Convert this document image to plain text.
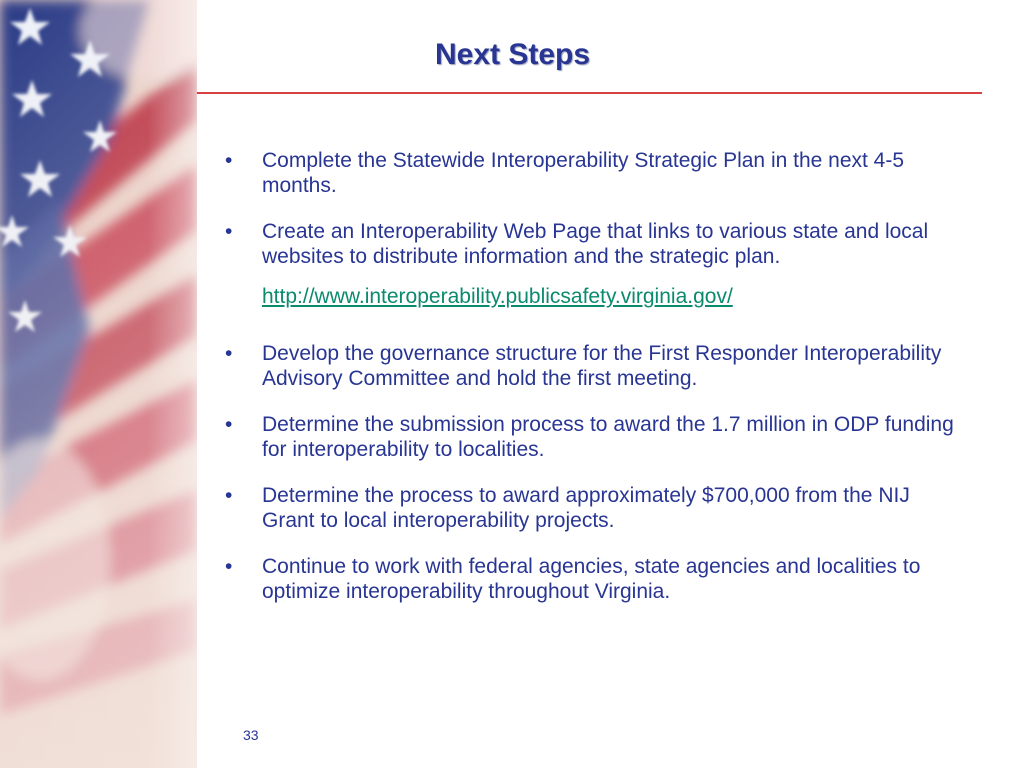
Next Steps
• Complete the Statewide Interoperability Strategic Plan in the next 4-5 months.
• Create an Interoperability Web Page that links to various state and local websites to distribute information and the strategic plan.
http://www.interoperability.publicsafety.virginia.gov/
• Develop the governance structure for the First Responder Interoperability Advisory Committee and hold the first meeting.
• Determine the submission process to award the 1.7 million in ODP funding for interoperability to localities.
• Determine the process to award approximately $700,000 from the NIJ Grant to local interoperability projects.
• Continue to work with federal agencies, state agencies and localities to optimize interoperability throughout Virginia.
33
